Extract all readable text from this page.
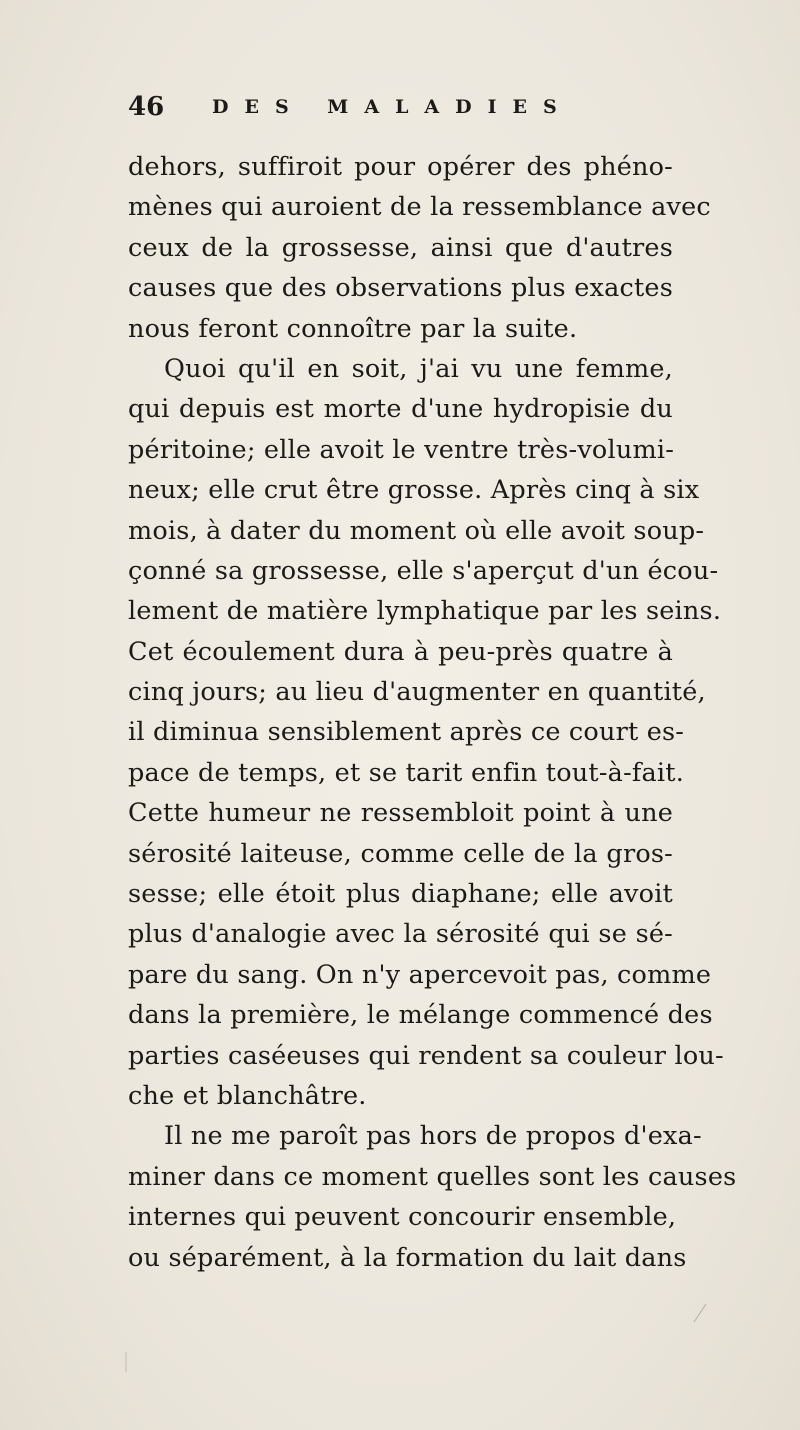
46	DES MALADIES
dehors, suffiroit pour opérer des phéno-
mènes qui auroient de la ressemblance avec
ceux de la grossesse, ainsi que d'autres
causes que des observations plus exactes
nous feront connoître par la suite.
Quoi qu'il en soit, j'ai vu une femme,
qui depuis est morte d'une hydropisie du
péritoine; elle avoit le ventre très-volumi-
neux; elle crut être grosse. Après cinq à six
mois, à dater du moment où elle avoit soup-
çonné sa grossesse, elle s'aperçut d'un écou-
lement de matière lymphatique par les seins.
Cet écoulement dura à peu-près quatre à
cinq jours; au lieu d'augmenter en quantité,
il diminua sensiblement après ce court es-
pace de temps, et se tarit enfin tout-à-fait.
Cette humeur ne ressembloit point à une
sérosité laiteuse, comme celle de la gros-
sesse; elle étoit plus diaphane; elle avoit
plus d'analogie avec la sérosité qui se sé-
pare du sang. On n'y apercevoit pas, comme
dans la première, le mélange commencé des
parties caséeuses qui rendent sa couleur lou-
che et blanchâtre.
Il ne me paroît pas hors de propos d'exa-
miner dans ce moment quelles sont les causes
internes qui peuvent concourir ensemble,
ou séparément, à la formation du lait dans
